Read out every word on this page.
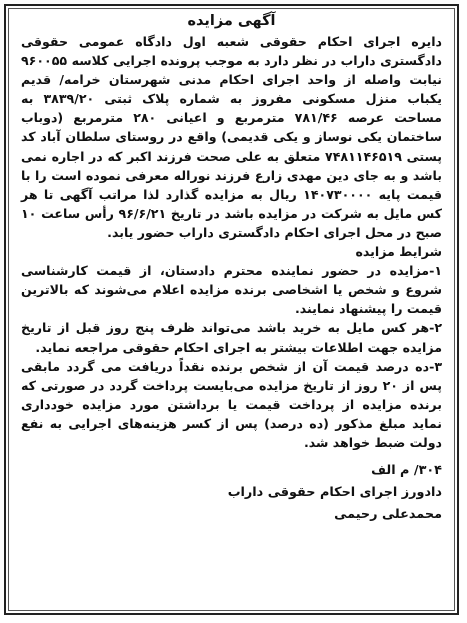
آگهی مزایده

دایره اجرای احکام حقوقی شعبه اول دادگاه عمومی حقوقی دادگستری داراب در نظر دارد به موجب پرونده اجرایی کلاسه ۹۶۰۰۵۵ نیابت واصله از واحد اجرای احکام مدنی شهرستان خرامه/ قدیم یکباب منزل مسکونی مفروز به شماره پلاک ثبتی ۳۸۳۹/۲۰ به مساحت عرصه ۷۸۱/۴۶ مترمربع و اعیانی ۲۸۰ مترمربع (دوباب ساختمان یکی نوساز و یکی قدیمی) واقع در روستای سلطان آباد کد پستی ۷۴۸۱۱۴۶۵۱۹ متعلق به علی صحت فرزند اکبر که در اجاره نمی باشد و به جای دین مهدی زارع فرزند نوراله معرفی نموده است را با قیمت پایه ۱۴۰۷۳۰۰۰۰ ریال به مزایده گذارد لذا مراتب آگهی تا هر کس مایل به شرکت در مزایده باشد در تاریخ ۹۶/۶/۲۱ رأس ساعت ۱۰ صبح در محل اجرای احکام دادگستری داراب حضور یابد.

شرایط مزایده

۱-مزایده در حضور نماینده محترم دادستان، از قیمت کارشناسی شروع و شخص یا اشخاصی برنده مزایده اعلام می‌شوند که بالاترین قیمت را پیشنهاد نمایند.

۲-هر کس مایل به خرید باشد می‌تواند ظرف پنج روز قبل از تاریخ مزایده جهت اطلاعات بیشتر به اجرای احکام حقوقی مراجعه نماید.

۳-ده درصد قیمت آن از شخص برنده نقداً دریافت می گردد مابقی پس از ۲۰ روز از تاریخ مزایده می‌بایست پرداخت گردد در صورتی که برنده مزایده از پرداخت قیمت یا برداشتن مورد مزایده خودداری نماید مبلغ مذکور (ده درصد) پس از کسر هزینه‌های اجرایی به نفع دولت ضبط خواهد شد.

۳۰۴/ م الف
دادورز اجرای احکام حقوقی داراب
محمدعلی رحیمی
